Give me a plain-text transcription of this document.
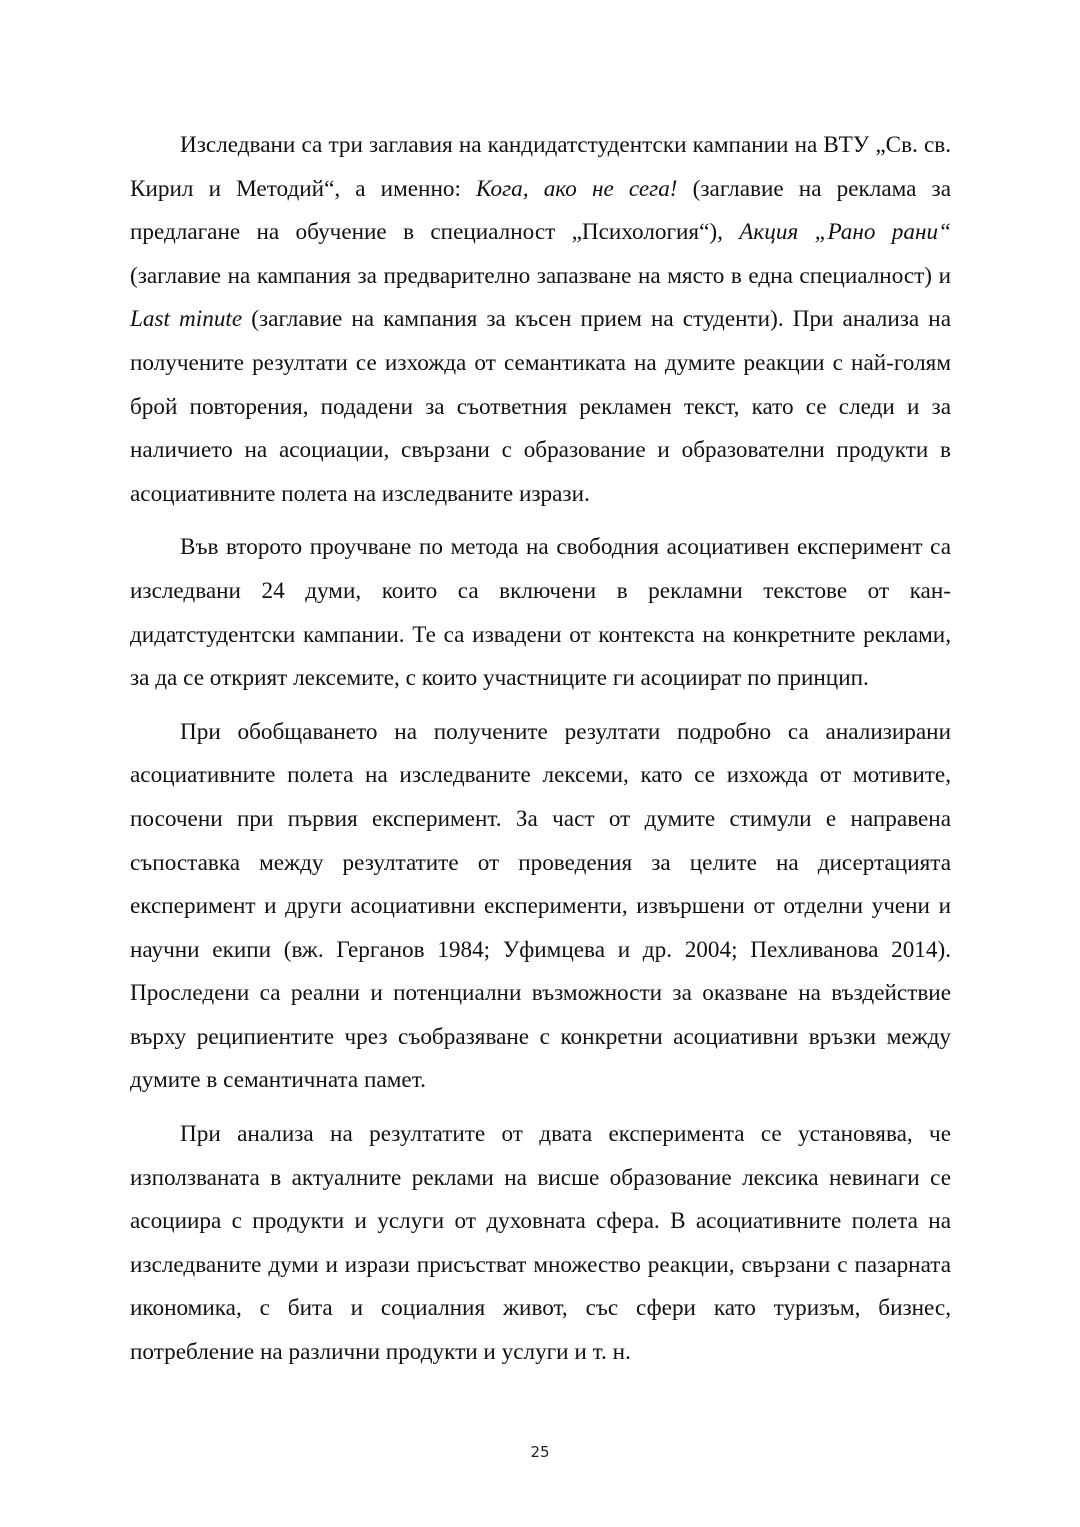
Изследвани са три заглавия на кандидатстудентски кампании на ВТУ „Св. св. Кирил и Методий“, а именно: Кога, ако не сега! (заглавие на реклама за предлагане на обучение в специалност „Психология“), Акция „Рано рани“ (заглавие на кампания за предварително запазване на място в една специалност) и Last minute (заглавие на кампания за късен прием на студенти). При анализа на получените резултати се изхожда от семантиката на думите реакции с най-голям брой повторения, подадени за съответния рекламен текст, като се следи и за наличието на асоциации, свързани с образование и образователни продукти в асоциативните полета на изследваните изрази.

Във второто проучване по метода на свободния асоциативен експеримент са изследвани 24 думи, които са включени в рекламни текстове от кандидатстудентски кампании. Те са извадени от контекста на конкретните реклами, за да се открият лексемите, с които участниците ги асоциират по принцип.

При обобщаването на получените резултати подробно са анализирани асоциативните полета на изследваните лексеми, като се изхожда от мотивите, посочени при първия експеримент. За част от думите стимули е направена съпоставка между резултатите от проведения за целите на дисертацията експеримент и други асоциативни експерименти, извършени от отделни учени и научни екипи (вж. Герганов 1984; Уфимцева и др. 2004; Пехливанова 2014). Проследени са реални и потенциални възможности за оказване на въздействие върху реципиентите чрез съобразяване с конкретни асоциативни връзки между думите в семантичната памет.

При анализа на резултатите от двата експеримента се установява, че използваната в актуалните реклами на висше образование лексика невинаги се асоциира с продукти и услуги от духовната сфера. В асоциативните полета на изследваните думи и изрази присъстват множество реакции, свързани с пазарната икономика, с бита и социалния живот, със сфери като туризъм, бизнес, потребление на различни продукти и услуги и т. н.

25
